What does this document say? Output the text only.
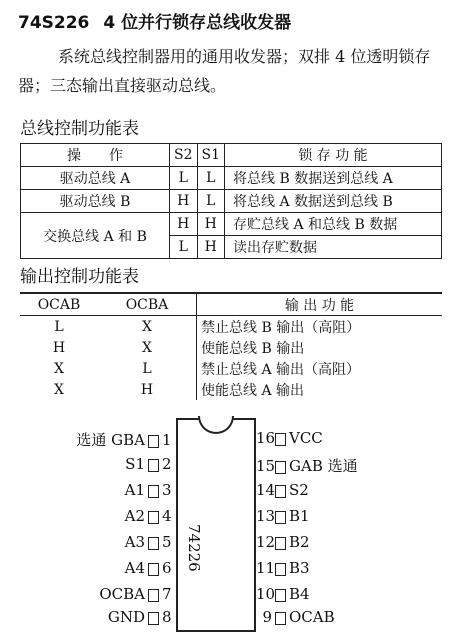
74S226 4 位并行锁存总线收发器
系统总线控制器用的通用收发器；双排 4 位透明锁存器；三态输出直接驱动总线。
总线控制功能表
操　　作	S2	S1	锁 存 功 能
驱动总线 A	L	L	将总线 B 数据送到总线 A
驱动总线 B	H	L	将总线 A 数据送到总线 B
交换总线 A 和 B	H	H	存贮总线 A 和总线 B 数据
	L	H	读出存贮数据
输出控制功能表
OCAB	OCBA	输 出 功 能
L	X	禁止总线 B 输出（高阻）
H	X	使能总线 B 输出
X	L	禁止总线 A 输出（高阻）
X	H	使能总线 A 输出
74226
选通 GBA 1
S1 2
A1 3
A2 4
A3 5
A4 6
OCBA 7
GND 8
16 VCC
15 GAB 选通
14 S2
13 B1
12 B2
11 B3
10 B4
9 OCAB
